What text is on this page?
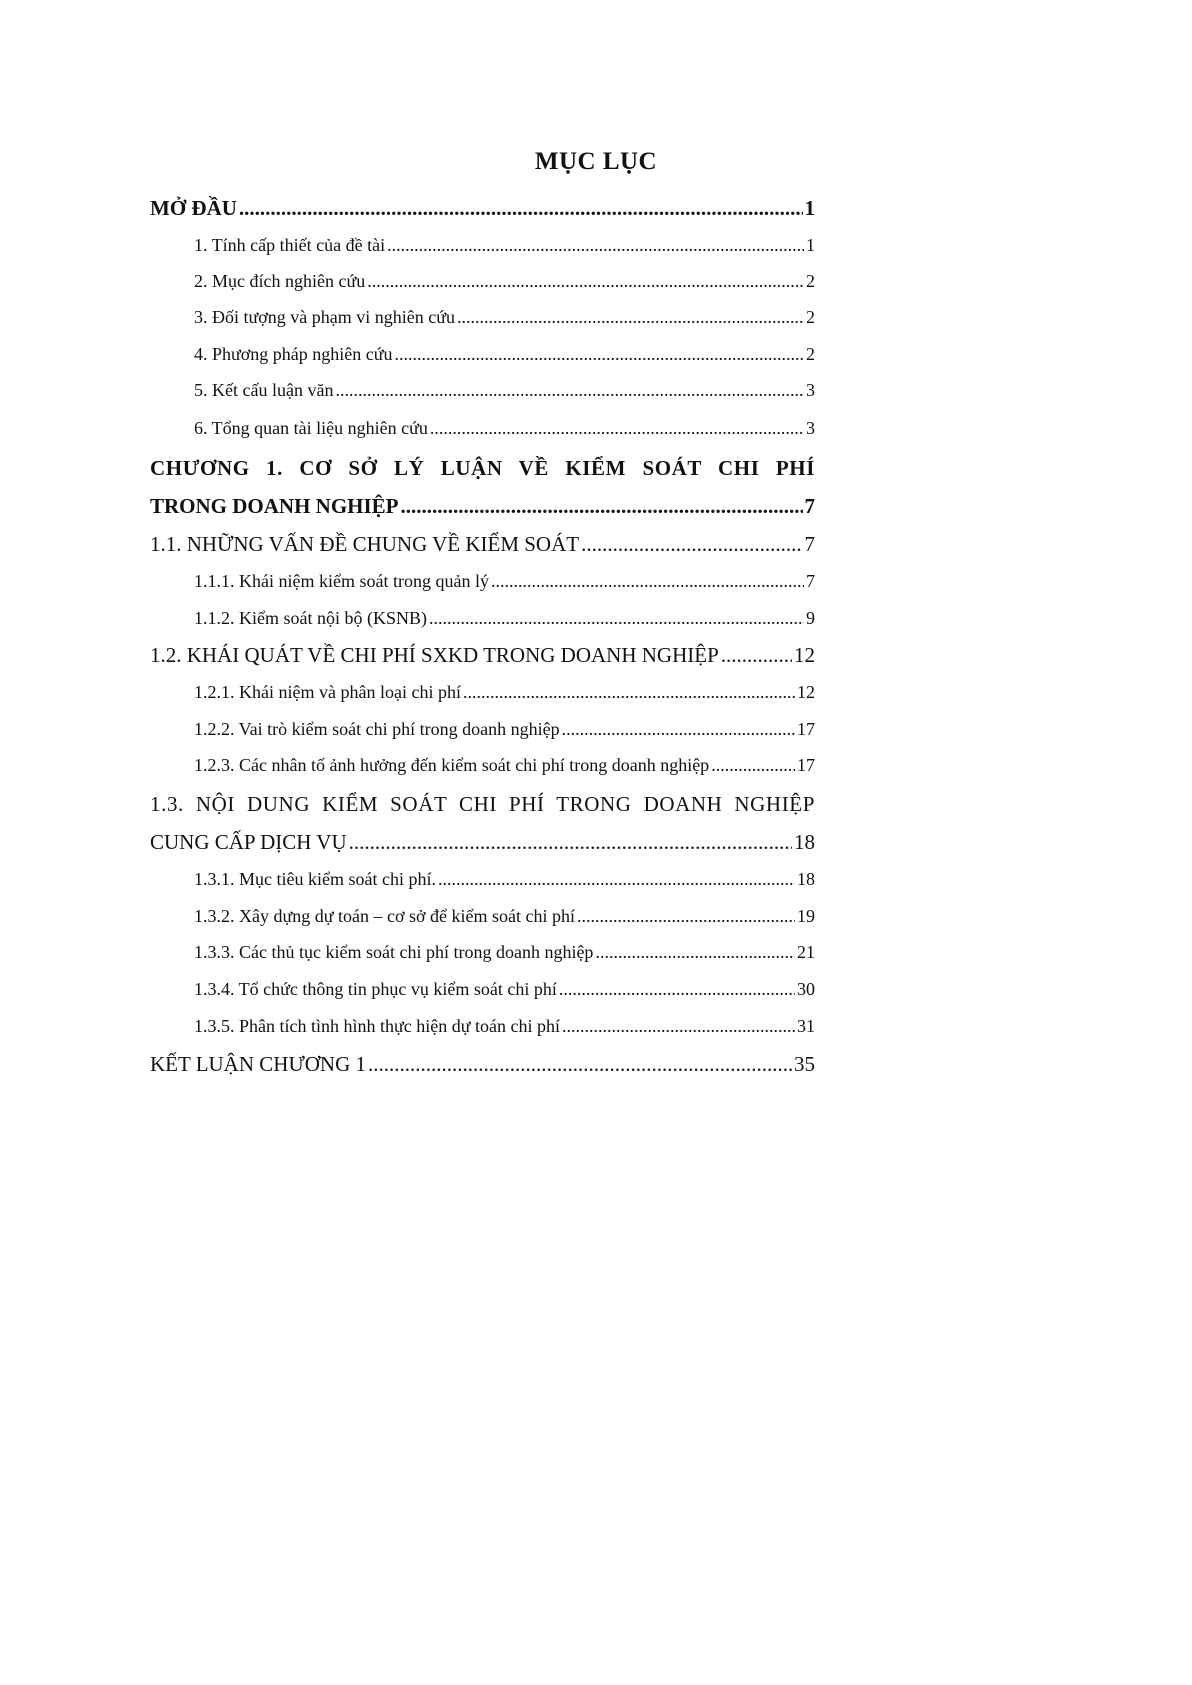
MỤC LỤC
MỞ ĐẦU .....	1
1. Tính cấp thiết của đề tài .....	1
2. Mục đích nghiên cứu .....	2
3. Đối tượng và phạm vi nghiên cứu .....	2
4. Phương pháp nghiên cứu .....	2
5. Kết cấu luận văn .....	3
6. Tổng quan tài liệu nghiên cứu .....	3
CHƯƠNG 1. CƠ SỞ LÝ LUẬN VỀ KIỂM SOÁT CHI PHÍ
TRONG DOANH NGHIỆP .....	7
1.1. NHỮNG VẤN ĐỀ CHUNG VỀ KIỂM SOÁT .....	7
1.1.1. Khái niệm kiểm soát trong quản lý .....	7
1.1.2. Kiểm soát nội bộ (KSNB) .....	9
1.2. KHÁI QUÁT VỀ CHI PHÍ SXKD TRONG DOANH NGHIỆP .....	12
1.2.1. Khái niệm và phân loại chi phí .....	12
1.2.2. Vai trò kiểm soát chi phí trong doanh nghiệp .....	17
1.2.3. Các nhân tố ảnh hưởng đến kiểm soát chi phí trong doanh nghiệp .....	17
1.3. NỘI DUNG KIỂM SOÁT CHI PHÍ TRONG DOANH NGHIỆP
CUNG CẤP DỊCH VỤ .....	18
1.3.1. Mục tiêu kiểm soát chi phí. .....	18
1.3.2. Xây dựng dự toán – cơ sở để kiểm soát chi phí .....	19
1.3.3. Các thủ tục kiểm soát chi phí trong doanh nghiệp .....	21
1.3.4. Tổ chức thông tin phục vụ kiểm soát chi phí .....	30
1.3.5. Phân tích tình hình thực hiện dự toán chi phí .....	31
KẾT LUẬN CHƯƠNG 1 .....	35
